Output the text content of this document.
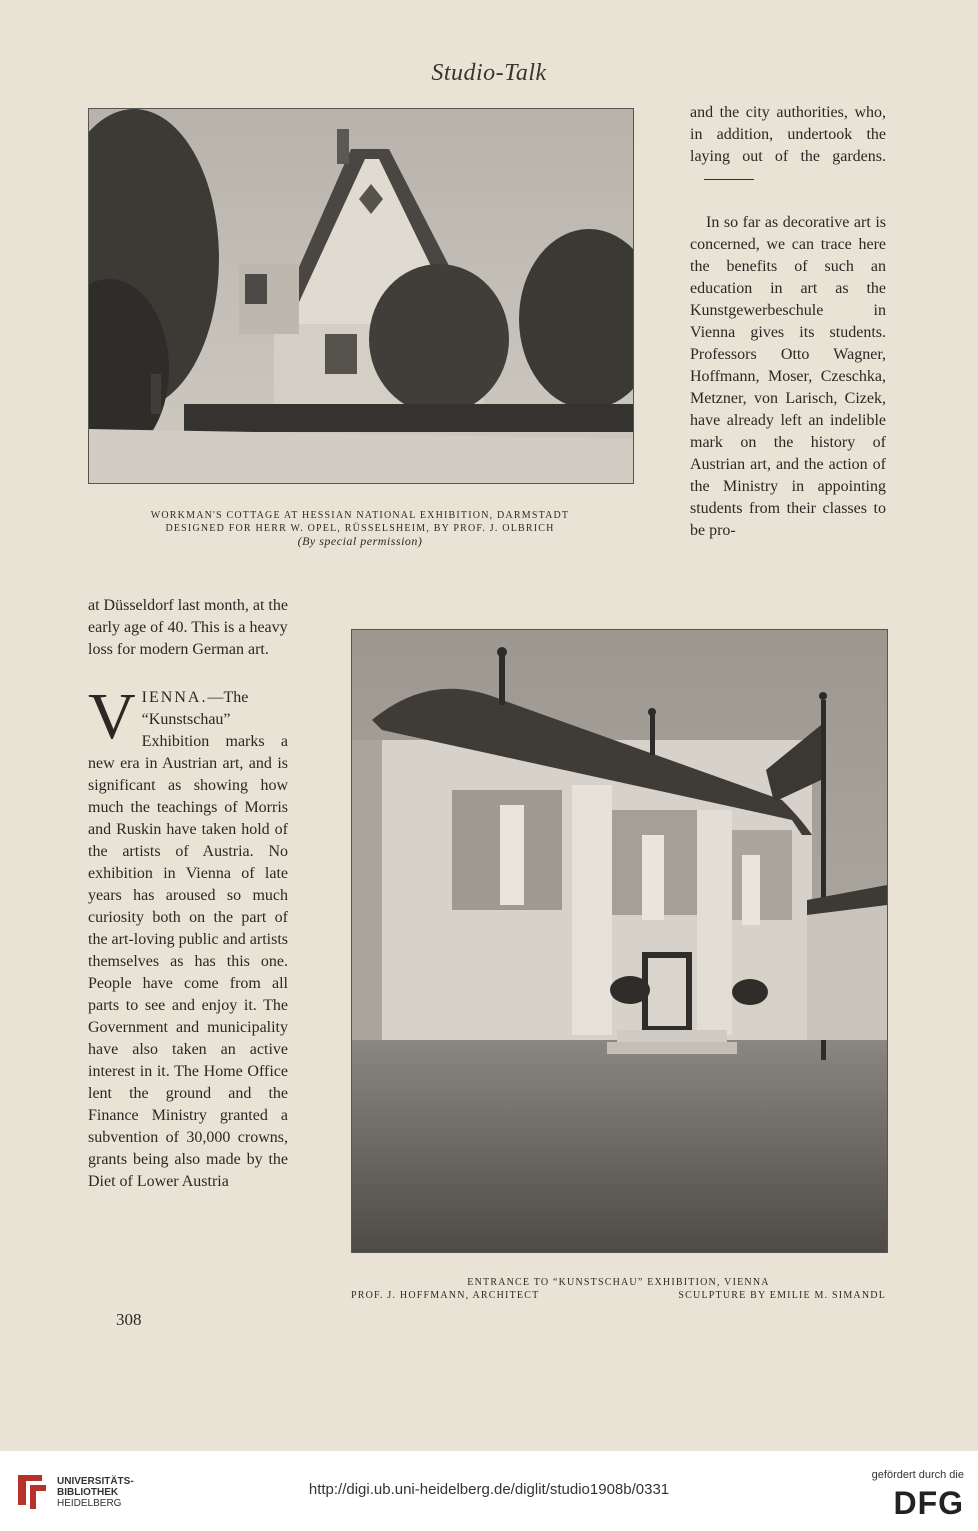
Studio-Talk
WORKMAN'S COTTAGE AT HESSIAN NATIONAL EXHIBITION, DARMSTADT
DESIGNED FOR HERR W. OPEL, RÜSSELSHEIM, BY PROF. J. OLBRICH
(By special permission)

and the city authorities, who, in addition, undertook the laying out of the gardens.

In so far as decorative art is concerned, we can trace here the benefits of such an education in art as the Kunstgewerbeschule in Vienna gives its students. Professors Otto Wagner, Hoffmann, Moser, Czeschka, Metzner, von Larisch, Cizek, have already left an indelible mark on the history of Austrian art, and the action of the Ministry in appointing students from their classes to be pro-

at Düsseldorf last month, at the early age of 40. This is a heavy loss for modern German art.

VIENNA.—The “Kunstschau” Exhibition marks a new era in Austrian art, and is significant as showing how much the teachings of Morris and Ruskin have taken hold of the artists of Austria. No exhibition in Vienna of late years has aroused so much curiosity both on the part of the art-loving public and artists themselves as has this one. People have come from all parts to see and enjoy it. The Government and municipality have also taken an active interest in it. The Home Office lent the ground and the Finance Ministry granted a subvention of 30,000 crowns, grants being also made by the Diet of Lower Austria

ENTRANCE TO “KUNSTSCHAU” EXHIBITION, VIENNA
PROF. J. HOFFMANN, ARCHITECT	SCULPTURE BY EMILIE M. SIMANDL
308
UNIVERSITÄTS-
BIBLIOTHEK
HEIDELBERG
http://digi.ub.uni-heidelberg.de/diglit/studio1908b/0331
gefördert durch die
DFG
